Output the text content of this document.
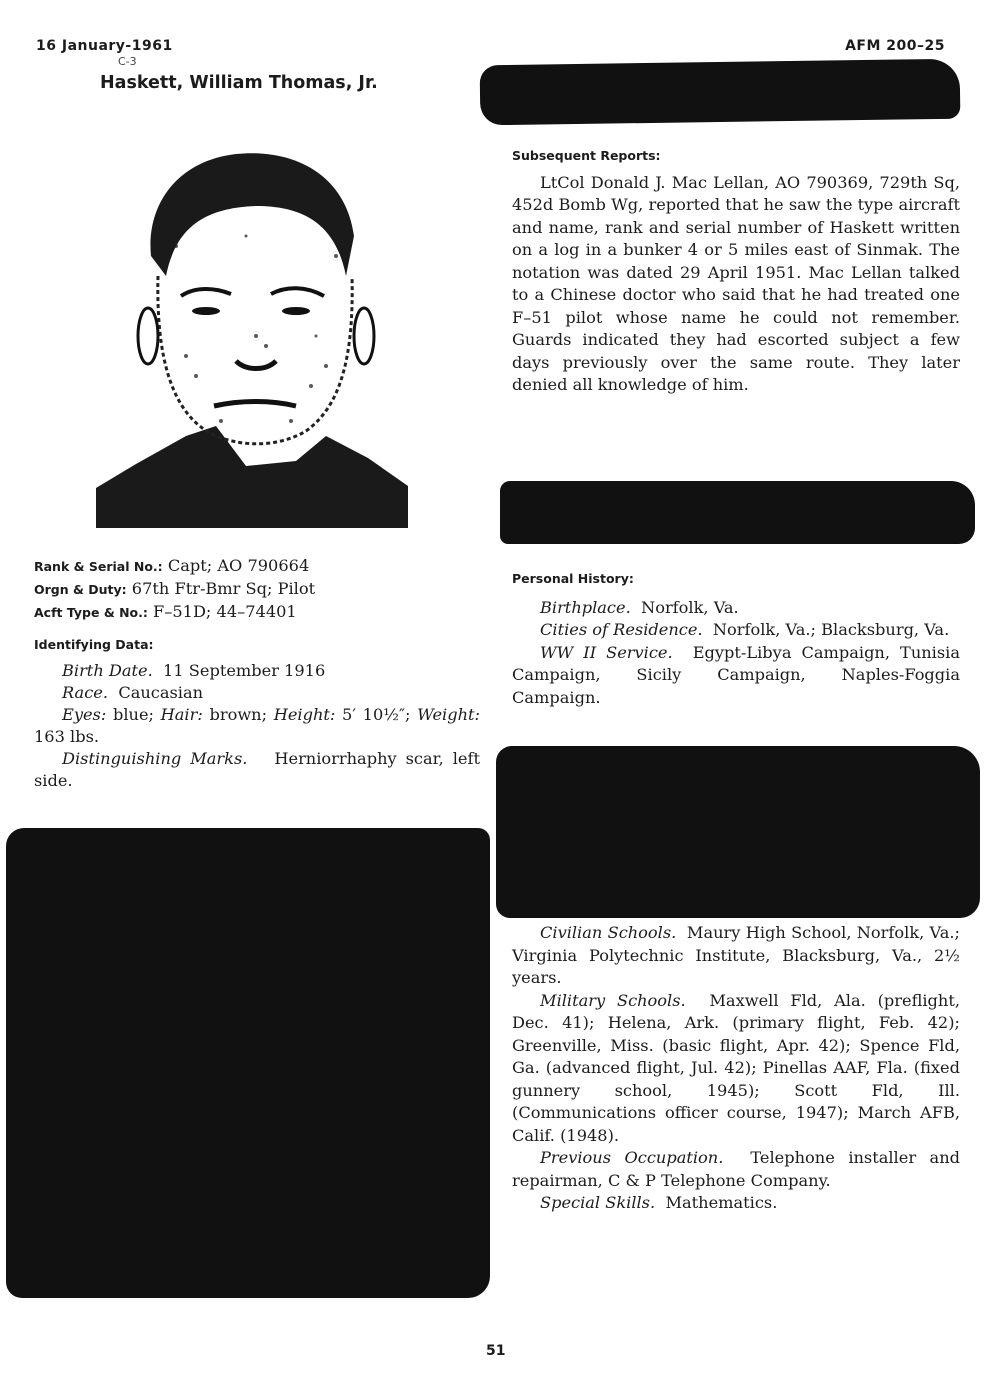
16 January-1961
C-3
Haskett, William Thomas, Jr.
AFM 200–25
Rank & Serial No.: Capt; AO 790664
Orgn & Duty: 67th Ftr-Bmr Sq; Pilot
Acft Type & No.: F–51D; 44–74401
Identifying Data:

Birth Date. 11 September 1916

Race. Caucasian

Eyes: blue; Hair: brown; Height: 5′ 10½″; Weight: 163 lbs.

Distinguishing Marks. Herniorrhaphy scar, left side.

Subsequent Reports:

LtCol Donald J. Mac Lellan, AO 790369, 729th Sq, 452d Bomb Wg, reported that he saw the type aircraft and name, rank and serial number of Haskett written on a log in a bunker 4 or 5 miles east of Sinmak. The notation was dated 29 April 1951. Mac Lellan talked to a Chinese doctor who said that he had treated one F–51 pilot whose name he could not remember. Guards indicated they had escorted subject a few days previously over the same route. They later denied all knowledge of him.

Personal History:

Birthplace. Norfolk, Va.

Cities of Residence. Norfolk, Va.; Blacksburg, Va.

WW II Service. Egypt-Libya Campaign, Tunisia Campaign, Sicily Campaign, Naples-Foggia Campaign.

Civilian Schools. Maury High School, Norfolk, Va.; Virginia Polytechnic Institute, Blacksburg, Va., 2½ years.

Military Schools. Maxwell Fld, Ala. (preflight, Dec. 41); Helena, Ark. (primary flight, Feb. 42); Greenville, Miss. (basic flight, Apr. 42); Spence Fld, Ga. (advanced flight, Jul. 42); Pinellas AAF, Fla. (fixed gunnery school, 1945); Scott Fld, Ill. (Communications officer course, 1947); March AFB, Calif. (1948).

Previous Occupation. Telephone installer and repairman, C & P Telephone Company.

Special Skills. Mathematics.

51
